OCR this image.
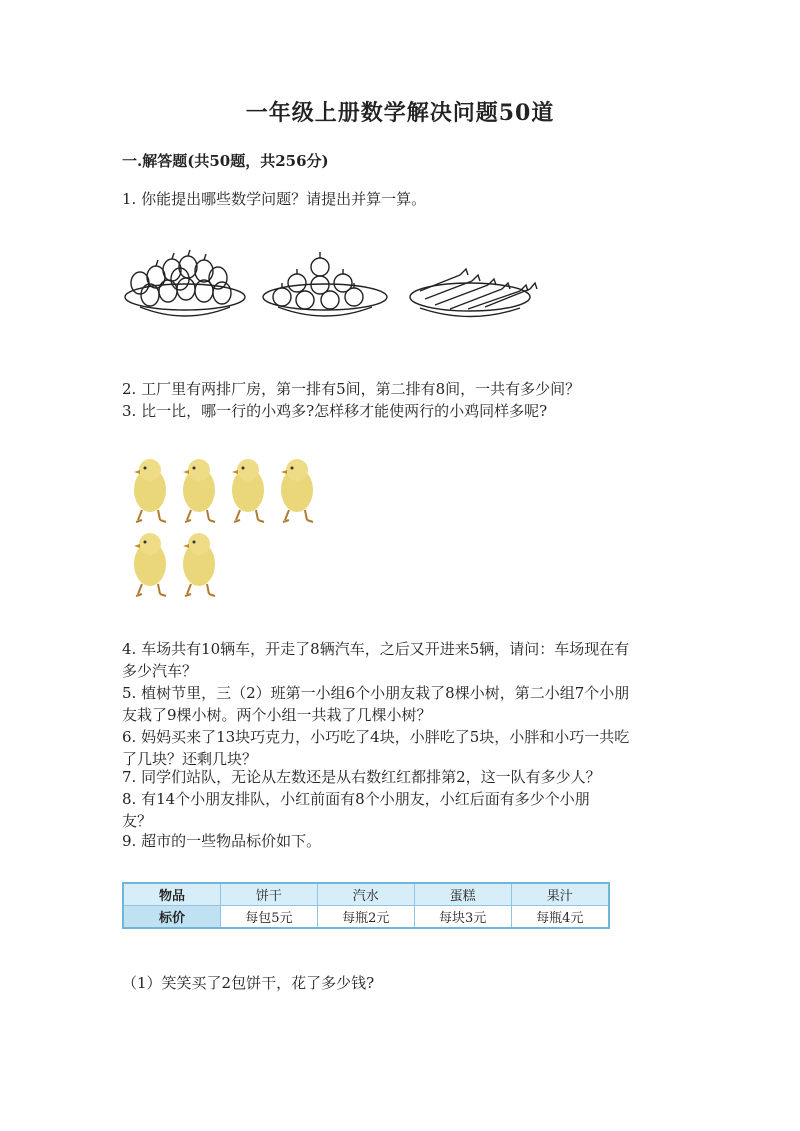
一年级上册数学解决问题50道
一.解答题(共50题，共256分)
1. 你能提出哪些数学问题？请提出并算一算。
2. 工厂里有两排厂房，第一排有5间，第二排有8间，一共有多少间？
3. 比一比，哪一行的小鸡多?怎样移才能使两行的小鸡同样多呢?
4. 车场共有10辆车，开走了8辆汽车，之后又开进来5辆，请问：车场现在有
多少汽车？
5. 植树节里，三（2）班第一小组6个小朋友栽了8棵小树，第二小组7个小朋
友栽了9棵小树。两个小组一共栽了几棵小树？
6. 妈妈买来了13块巧克力，小巧吃了4块，小胖吃了5块，小胖和小巧一共吃
了几块？还剩几块？
7. 同学们站队，无论从左数还是从右数红红都排第2，这一队有多少人？
8. 有14个小朋友排队，小红前面有8个小朋友，小红后面有多少个小朋
友？
9. 超市的一些物品标价如下。
物品	饼干	汽水	蛋糕	果汁
标价	每包5元	每瓶2元	每块3元	每瓶4元
（1）笑笑买了2包饼干，花了多少钱?
